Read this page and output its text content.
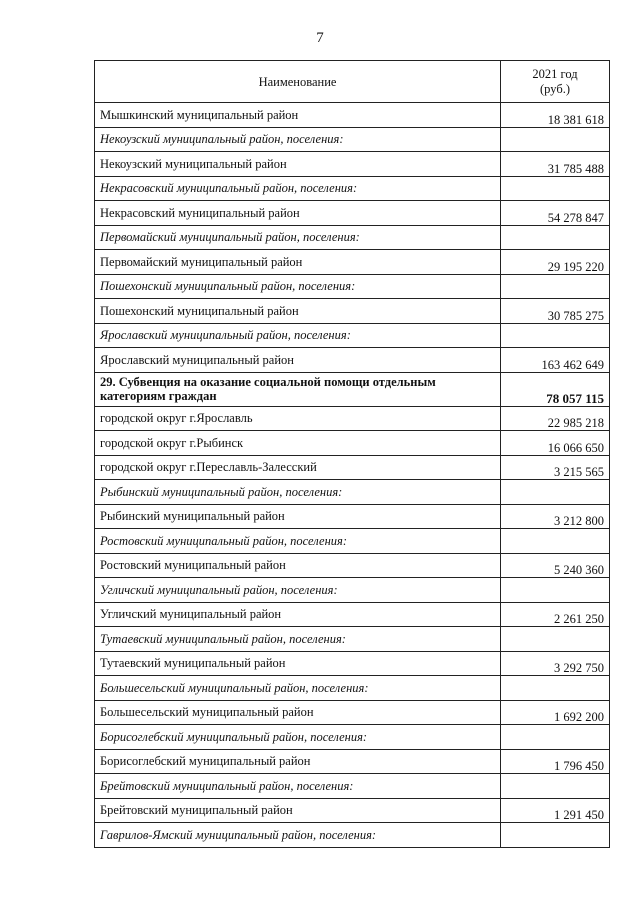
7
Наименование	2021 год
(руб.)
Мышкинский муниципальный район	18 381 618
Некоузский муниципальный район, поселения:	
Некоузский муниципальный район	31 785 488
Некрасовский муниципальный район, поселения:	
Некрасовский муниципальный район	54 278 847
Первомайский муниципальный район, поселения:	
Первомайский муниципальный район	29 195 220
Пошехонский муниципальный район, поселения:	
Пошехонский муниципальный район	30 785 275
Ярославский муниципальный район, поселения:	
Ярославский муниципальный район	163 462 649
29. Субвенция на оказание социальной помощи отдельным категориям граждан	78 057 115
городской округ г.Ярославль	22 985 218
городской округ г.Рыбинск	16 066 650
городской округ г.Переславль-Залесский	3 215 565
Рыбинский муниципальный район, поселения:	
Рыбинский муниципальный район	3 212 800
Ростовский муниципальный район, поселения:	
Ростовский муниципальный район	5 240 360
Угличский муниципальный район, поселения:	
Угличский муниципальный район	2 261 250
Тутаевский муниципальный район, поселения:	
Тутаевский муниципальный район	3 292 750
Большесельский муниципальный район, поселения:	
Большесельский муниципальный район	1 692 200
Борисоглебский муниципальный район, поселения:	
Борисоглебский муниципальный район	1 796 450
Брейтовский муниципальный район, поселения:	
Брейтовский муниципальный район	1 291 450
Гаврилов-Ямский муниципальный район, поселения:	
